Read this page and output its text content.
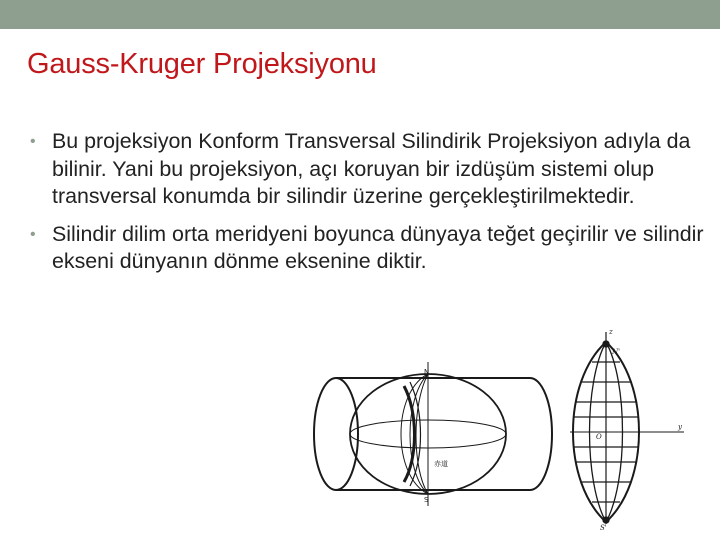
Gauss-Kruger Projeksiyonu
• Bu projeksiyon Konform Transversal Silindirik Projeksiyon adıyla da bilinir. Yani bu projeksiyon, açı koruyan bir izdüşüm sistemi olup transversal konumda bir silindir üzerine gerçekleştirilmektedir.
• Silindir dilim orta meridyeni boyunca dünyaya teğet geçirilir ve silindir ekseni dünyanın dönme eksenine diktir.
N
S
赤道
z
N'
O
y
S'
